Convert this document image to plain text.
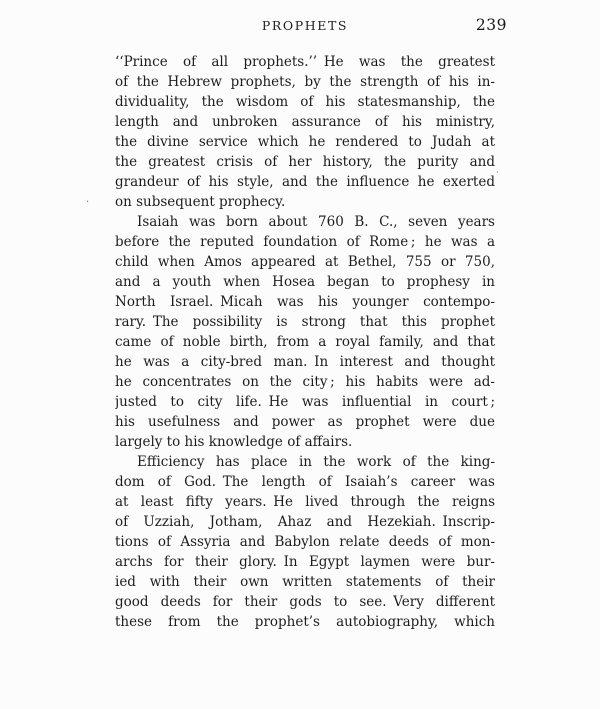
PROPHETS	239
‘‘Prince of all prophets.’’ He was the greatest
of the Hebrew prophets, by the strength of his in-
dividuality, the wisdom of his statesmanship, the
length and unbroken assurance of his ministry,
the divine service which he rendered to Judah at
the greatest crisis of her history, the purity and
grandeur of his style, and the influence he exerted
on subsequent prophecy.
Isaiah was born about 760 B. C., seven years
before the reputed foundation of Rome ; he was a
child when Amos appeared at Bethel, 755 or 750,
and a youth when Hosea began to prophesy in
North Israel. Micah was his younger contempo-
rary. The possibility is strong that this prophet
came of noble birth, from a royal family, and that
he was a city-bred man. In interest and thought
he concentrates on the city ; his habits were ad-
justed to city life. He was influential in court ;
his usefulness and power as prophet were due
largely to his knowledge of affairs.
Efficiency has place in the work of the king-
dom of God. The length of Isaiah’s career was
at least fifty years. He lived through the reigns
of Uzziah, Jotham, Ahaz and Hezekiah. Inscrip-
tions of Assyria and Babylon relate deeds of mon-
archs for their glory. In Egypt laymen were bur-
ied with their own written statements of their
good deeds for their gods to see. Very different
these from the prophet’s autobiography, which
.
’
